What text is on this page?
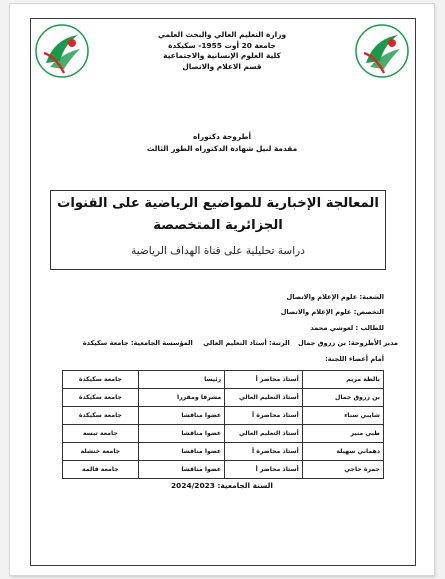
وزارة التعليم العالي والبحث العلمي
جامعة 20 أوت 1955- سكيكدة
كلية العلوم الإنسانية والاجتماعية
قسم الاعلام والاتصال
أطروحة دكتوراه
مقدمة لنيل شهادة الدكتوراه الطور الثالث
المعالجة الإخبارية للمواضيع الرياضية على القنوات
الجزائرية المتخصصة
دراسة تحليلية على قناة الهداف الرياضية
الشعبة: علوم الإعلام والاتصال
التخصص: علوم الإعلام والاتصال
للطالب : لعوشي محمد
مدير الأطروحة: بن زروق جمال الرتبة: أستاذ التعليم العالي المؤسسة الجامعية: جامعة سكيكدة
أمام أعضاء اللجنة:
بالطة مريم	أستاذ محاضر أ	رئيسا	جامعة سكيكدة
بن زروق جمال	أستاذ التعليم العالي	مشرفا ومقررا	جامعة سكيكدة
شايبي سناء	أستاذ محاضرة أ	عضوا مناقشا	جامعة سكيكدة
طبي منير	أستاذ التعليم العالي	عضوا مناقشا	جامعة تبسة
دهماني سهيلة	أستاذ محاضرة أ	عضوا مناقشا	جامعة خنشلة
حمزة حاجي	أستاذ محاضر أ	عضوا مناقشا	جامعة قالمة
السنة الجامعية: 2024/2023
